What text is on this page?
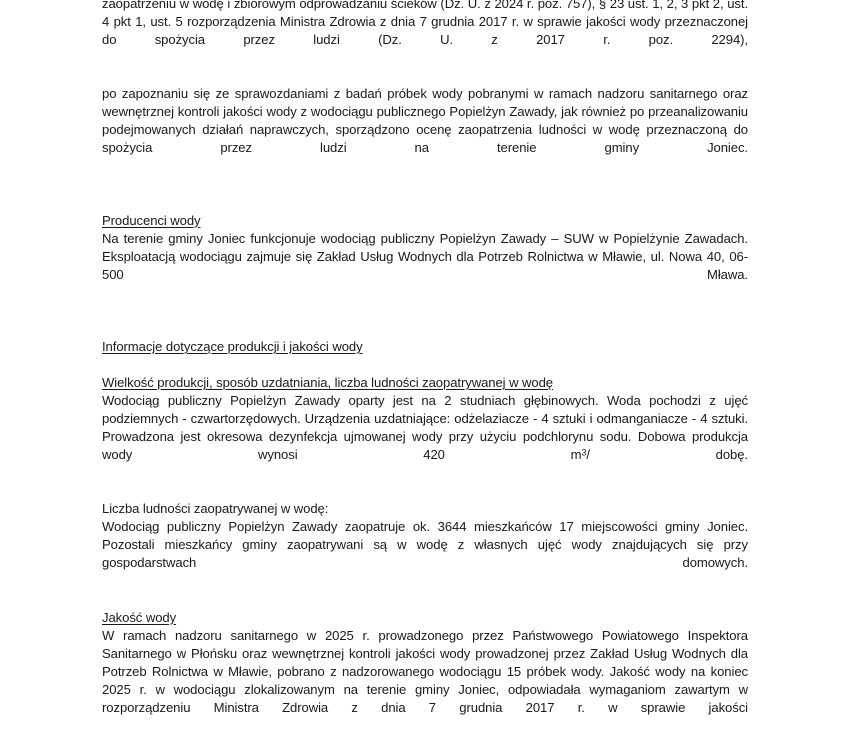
zaopatrzeniu w wodę i zbiorowym odprowadzaniu ścieków (Dz. U. z 2024 r. poz. 757), § 23 ust. 1, 2, 3 pkt 2, ust. 4 pkt 1, ust. 5 rozporządzenia Ministra Zdrowia z dnia 7 grudnia 2017 r. w sprawie jakości wody przeznaczonej do spożycia przez ludzi (Dz. U. z 2017 r. poz. 2294),

po zapoznaniu się ze sprawozdaniami z badań próbek wody pobranymi w ramach nadzoru sanitarnego oraz wewnętrznej kontroli jakości wody z wodociągu publicznego Popielżyn Zawady, jak również po przeanalizowaniu podejmowanych działań naprawczych, sporządzono ocenę zaopatrzenia ludności w wodę przeznaczoną do spożycia przez ludzi na terenie gminy Joniec.

Producenci wody

Na terenie gminy Joniec funkcjonuje wodociąg publiczny Popielżyn Zawady – SUW w Popielżynie Zawadach. Eksploatacją wodociągu zajmuje się Zakład Usług Wodnych dla Potrzeb Rolnictwa w Mławie, ul. Nowa 40, 06-500 Mława.

Informacje dotyczące produkcji i jakości wody

Wielkość produkcji, sposób uzdatniania, liczba ludności zaopatrywanej w wodę

Wodociąg publiczny Popielżyn Zawady oparty jest na 2 studniach głębinowych. Woda pochodzi z ujęć podziemnych - czwartorzędowych. Urządzenia uzdatniające: odżelaziacze - 4 sztuki i odmanganiacze - 4 sztuki. Prowadzona jest okresowa dezynfekcja ujmowanej wody przy użyciu podchlorynu sodu. Dobowa produkcja wody wynosi 420 $m^3/$ dobę.

Liczba ludności zaopatrywanej w wodę:

Wodociąg publiczny Popielżyn Zawady zaopatruje ok. 3644 mieszkańców 17 miejscowości gminy Joniec. Pozostali mieszkańcy gminy zaopatrywani są w wodę z własnych ujęć wody znajdujących się przy gospodarstwach domowych.

Jakość wody

W ramach nadzoru sanitarnego w 2025 r. prowadzonego przez Państwowego Powiatowego Inspektora Sanitarnego w Płońsku oraz wewnętrznej kontroli jakości wody prowadzonej przez Zakład Usług Wodnych dla Potrzeb Rolnictwa w Mławie, pobrano z nadzorowanego wodociągu 15 próbek wody. Jakość wody na koniec 2025 r. w wodociągu zlokalizowanym na terenie gminy Joniec, odpowiadała wymaganiom zawartym w rozporządzeniu Ministra Zdrowia z dnia 7 grudnia 2017 r. w sprawie jakości
